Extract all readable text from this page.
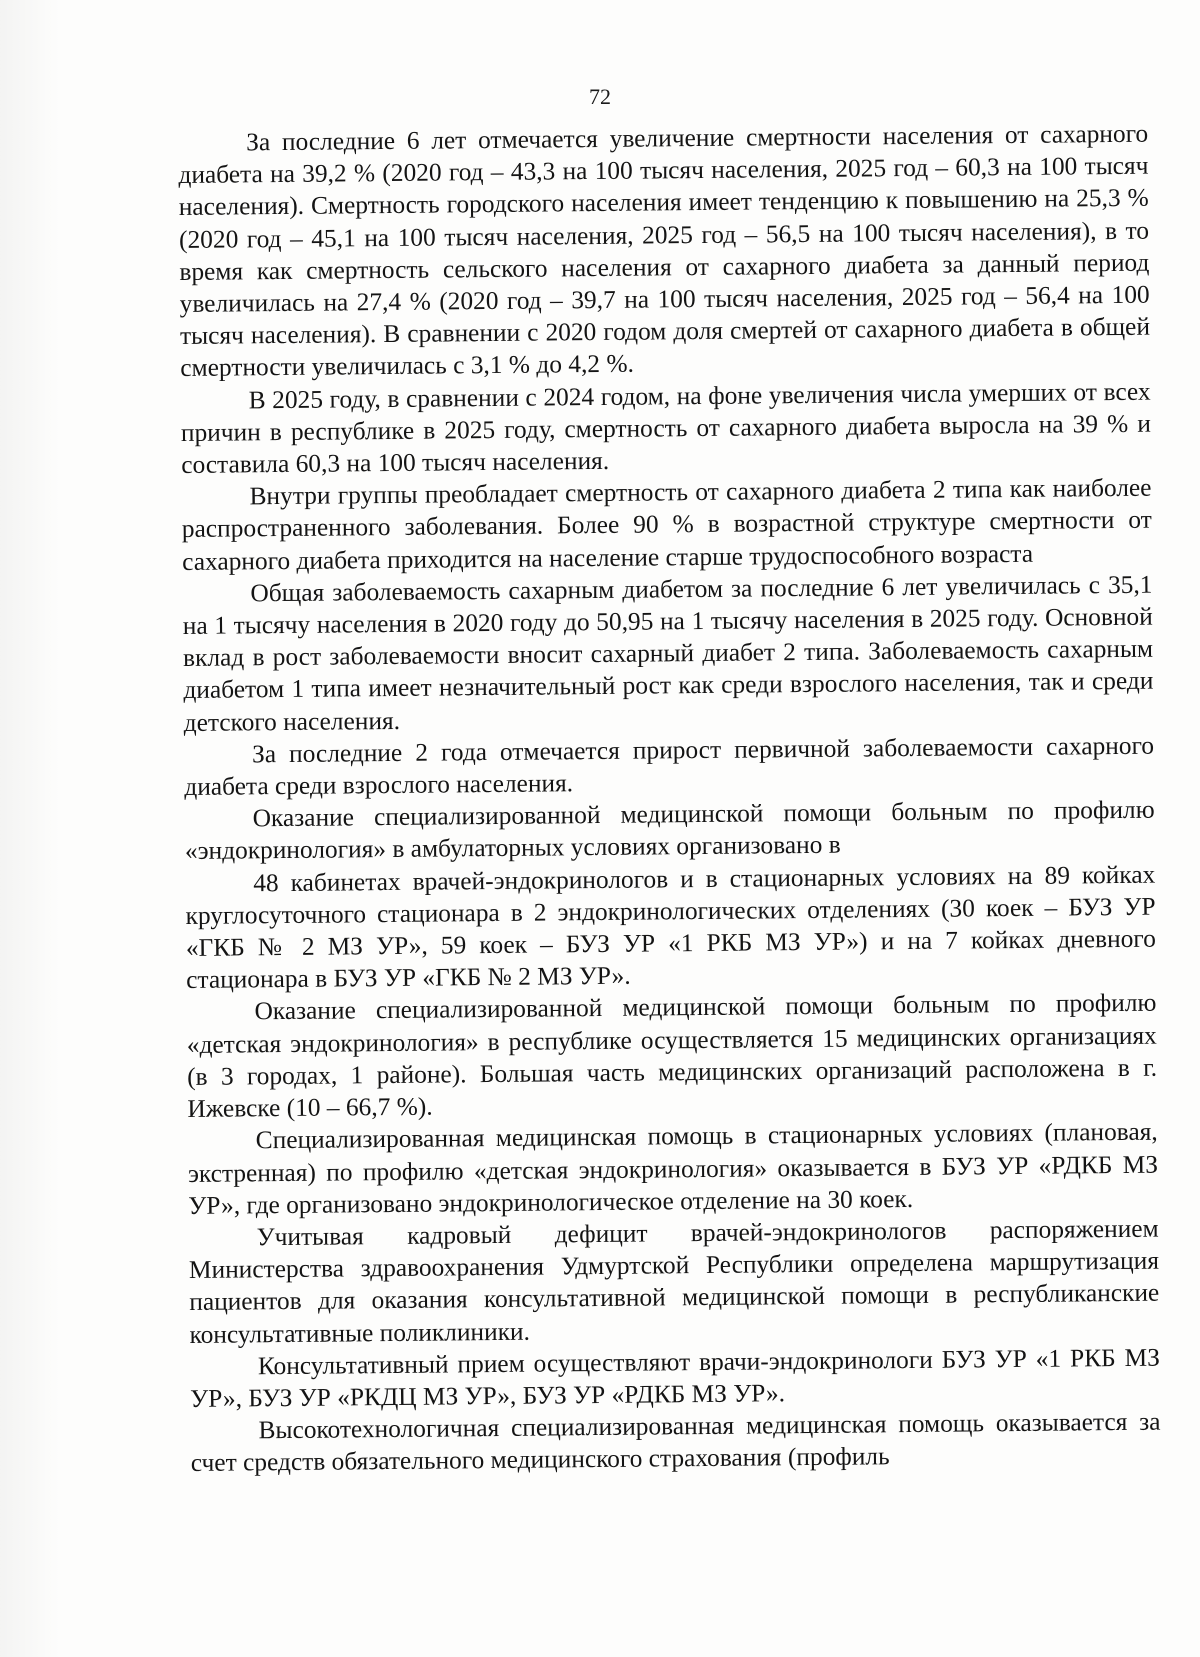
72

За последние 6 лет отмечается увеличение смертности населения от сахарного диабета на 39,2 % (2020 год – 43,3 на 100 тысяч населения, 2025 год – 60,3 на 100 тысяч населения). Смертность городского населения имеет тенденцию к повышению на 25,3 % (2020 год – 45,1 на 100 тысяч населения, 2025 год – 56,5 на 100 тысяч населения), в то время как смертность сельского населения от сахарного диабета за данный период увеличилась на 27,4 % (2020 год – 39,7 на 100 тысяч населения, 2025 год – 56,4 на 100 тысяч населения). В сравнении с 2020 годом доля смертей от сахарного диабета в общей смертности увеличилась с 3,1 % до 4,2 %.

В 2025 году, в сравнении с 2024 годом, на фоне увеличения числа умерших от всех причин в республике в 2025 году, смертность от сахарного диабета выросла на 39 % и составила 60,3 на 100 тысяч населения.

Внутри группы преобладает смертность от сахарного диабета 2 типа как наиболее распространенного заболевания. Более 90 % в возрастной структуре смертности от сахарного диабета приходится на население старше трудоспособного возраста

Общая заболеваемость сахарным диабетом за последние 6 лет увеличилась с 35,1 на 1 тысячу населения в 2020 году до 50,95 на 1 тысячу населения в 2025 году. Основной вклад в рост заболеваемости вносит сахарный диабет 2 типа. Заболеваемость сахарным диабетом 1 типа имеет незначительный рост как среди взрослого населения, так и среди детского населения.

За последние 2 года отмечается прирост первичной заболеваемости сахарного диабета среди взрослого населения.

Оказание специализированной медицинской помощи больным по профилю «эндокринология» в амбулаторных условиях организовано в

48 кабинетах врачей-эндокринологов и в стационарных условиях на 89 койках круглосуточного стационара в 2 эндокринологических отделениях (30 коек – БУЗ УР «ГКБ № 2 МЗ УР», 59 коек – БУЗ УР «1 РКБ МЗ УР») и на 7 койках дневного стационара в БУЗ УР «ГКБ № 2 МЗ УР».

Оказание специализированной медицинской помощи больным по профилю «детская эндокринология» в республике осуществляется 15 медицинских организациях (в 3 городах, 1 районе). Большая часть медицинских организаций расположена в г. Ижевске (10 – 66,7 %).

Специализированная медицинская помощь в стационарных условиях (плановая, экстренная) по профилю «детская эндокринология» оказывается в БУЗ УР «РДКБ МЗ УР», где организовано эндокринологическое отделение на 30 коек.

Учитывая кадровый дефицит врачей-эндокринологов распоряжением Министерства здравоохранения Удмуртской Республики определена маршрутизация пациентов для оказания консультативной медицинской помощи в республиканские консультативные поликлиники.

Консультативный прием осуществляют врачи-эндокринологи БУЗ УР «1 РКБ МЗ УР», БУЗ УР «РКДЦ МЗ УР», БУЗ УР «РДКБ МЗ УР».

Высокотехнологичная специализированная медицинская помощь оказывается за счет средств обязательного медицинского страхования (профиль
